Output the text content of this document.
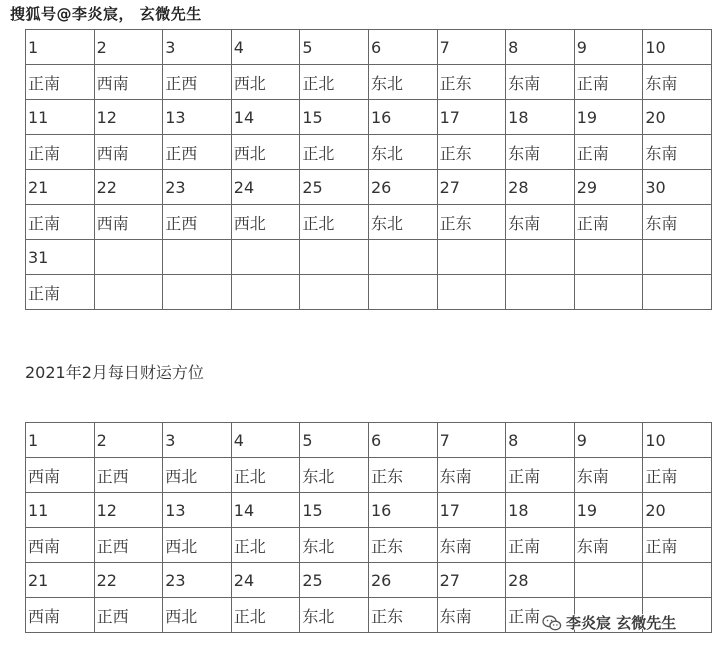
搜狐号@李炎宸， 玄微先生
1	2	3	4	5	6	7	8	9	10
正南	西南	正西	西北	正北	东北	正东	东南	正南	东南
11	12	13	14	15	16	17	18	19	20
正南	西南	正西	西北	正北	东北	正东	东南	正南	东南
21	22	23	24	25	26	27	28	29	30
正南	西南	正西	西北	正北	东北	正东	东南	正南	东南
31									
正南									
2021年2月每日财运方位
1	2	3	4	5	6	7	8	9	10
西南	正西	西北	正北	东北	正东	东南	正南	东南	正南
11	12	13	14	15	16	17	18	19	20
西南	正西	西北	正北	东北	正东	东南	正南	东南	正南
21	22	23	24	25	26	27	28		
西南	正西	西北	正北	东北	正东	东南	正南		李炎宸 玄微先生
